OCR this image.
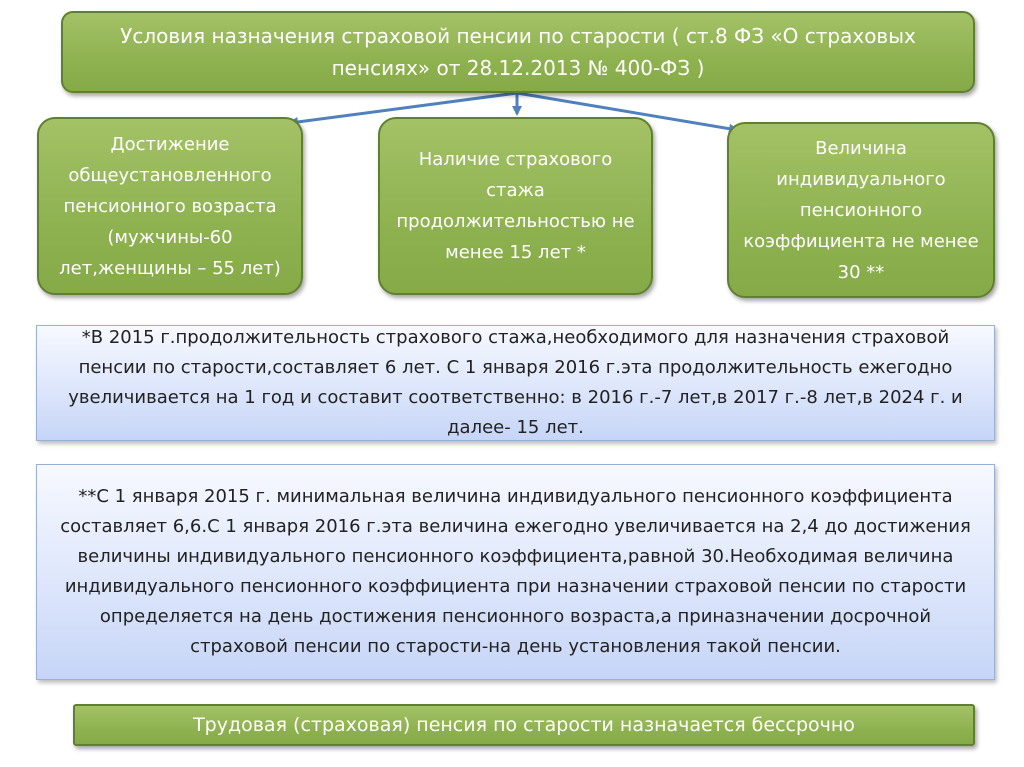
Условия назначения страховой пенсии по старости ( ст.8 ФЗ «О страховых пенсиях» от 28.12.2013 № 400-ФЗ )
Достижение общеустановленного пенсионного возраста (мужчины-60 лет,женщины – 55 лет)
Наличие страхового стажа продолжительностью не менее 15 лет *
Величина индивидуального пенсионного коэффициента не менее 30 **
*В 2015 г.продолжительность страхового стажа,необходимого для назначения страховой пенсии по старости,составляет 6 лет. С 1 января 2016 г.эта продолжительность ежегодно увеличивается на 1 год и составит соответственно: в 2016 г.-7 лет,в 2017 г.-8 лет,в 2024 г. и далее- 15 лет.
**С 1 января 2015 г. минимальная величина индивидуального пенсионного коэффициента составляет 6,6.С 1 января 2016 г.эта величина ежегодно увеличивается на 2,4 до достижения величины индивидуального пенсионного коэффициента,равной 30.Необходимая величина индивидуального пенсионного коэффициента при назначении страховой пенсии по старости определяется на день достижения пенсионного возраста,а приназначении досрочной страховой пенсии по старости-на день установления такой пенсии.
Трудовая (страховая) пенсия по старости назначается бессрочно
